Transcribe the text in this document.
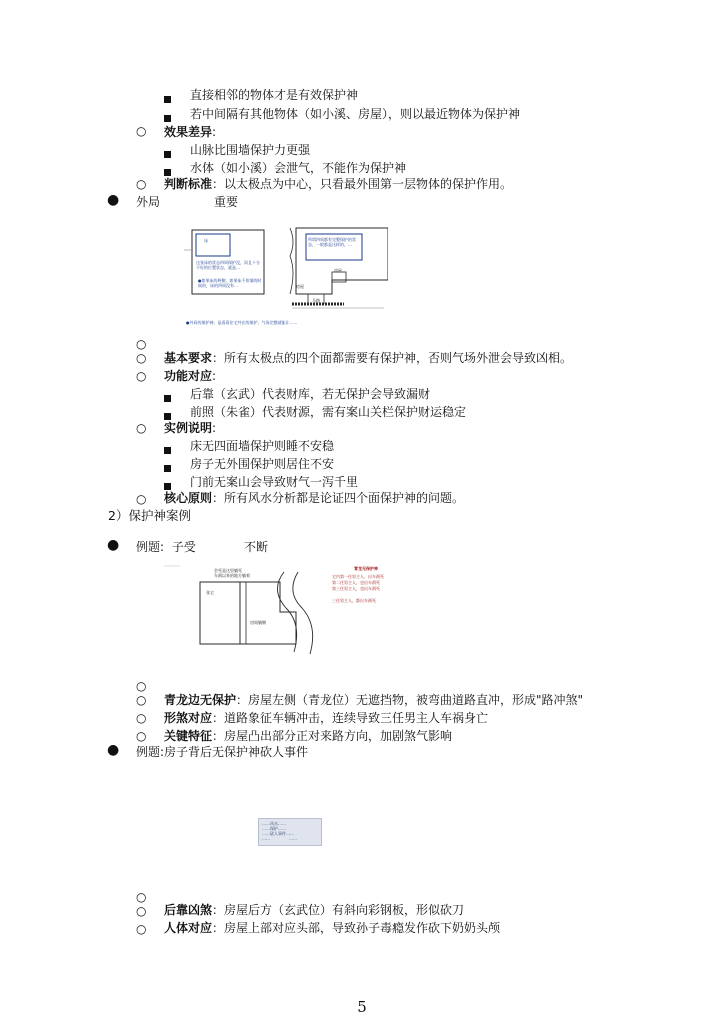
直接相邻的物体才是有效保护神
若中间隔有其他物体（如小溪、房屋），则以最近物体为保护神
○ 效果差异:
山脉比围墙保护力更强
水体（如小溪）会泄气，不能作为保护神
○ 判断标准：以太极点为中心，只看最外围第一层物体的保护作用。
● 外局	重要
床
这张床的状态四周保护没，而且十分不好的位置状态，就是…
●如果床的两侧，如果床不挨墙的时候的，床的四周没有…
所谓四周都有完整保护的状态，一般都是这样的，…
房屋
房屋
马路
●外局的保护神，是看看住宅外在的保护，气场完整就能让……
○
○ 基本要求：所有太极点的四个面都需要有保护神，否则气场外泄会导致凶相。
○ 功能对应:
后靠（玄武）代表财库，若无保护会导致漏财
前照（朱雀）代表财源，需有案山关栏保护财运稳定
○ 实例说明:
床无四面墙保护则睡不安稳
房子无外围保护则居住不安
门前无案山会导致财气一泻千里
○ 核心原则：所有风水分析都是论证四个面保护神的问题。
2）保护神案例
● 例题: 子受	不断
会死是这里躺死
车祸以来的地方躺着
张宅
房间躺侧
青龙无保护神
宅内第一任男主人，出车祸死
第二任男主人，也出车祸死
第三任男主人，也出车祸死
三任男主人，都出车祸死
○
○ 青龙边无保护：房屋左侧（青龙位）无遮挡物，被弯曲道路直冲，形成"路冲煞"
○ 形煞对应：道路象征车辆冲击，连续导致三任男主人车祸身亡
○ 关键特征：房屋凸出部分正对来路方向，加剧煞气影响
● 例题:房子背后无保护神砍人事件
……风水……
……保护……
……砍人事件……
……	……
○
○ 后靠凶煞：房屋后方（玄武位）有斜向彩钢板，形似砍刀
○ 人体对应：房屋上部对应头部，导致孙子毒瘾发作砍下奶奶头颅
5
